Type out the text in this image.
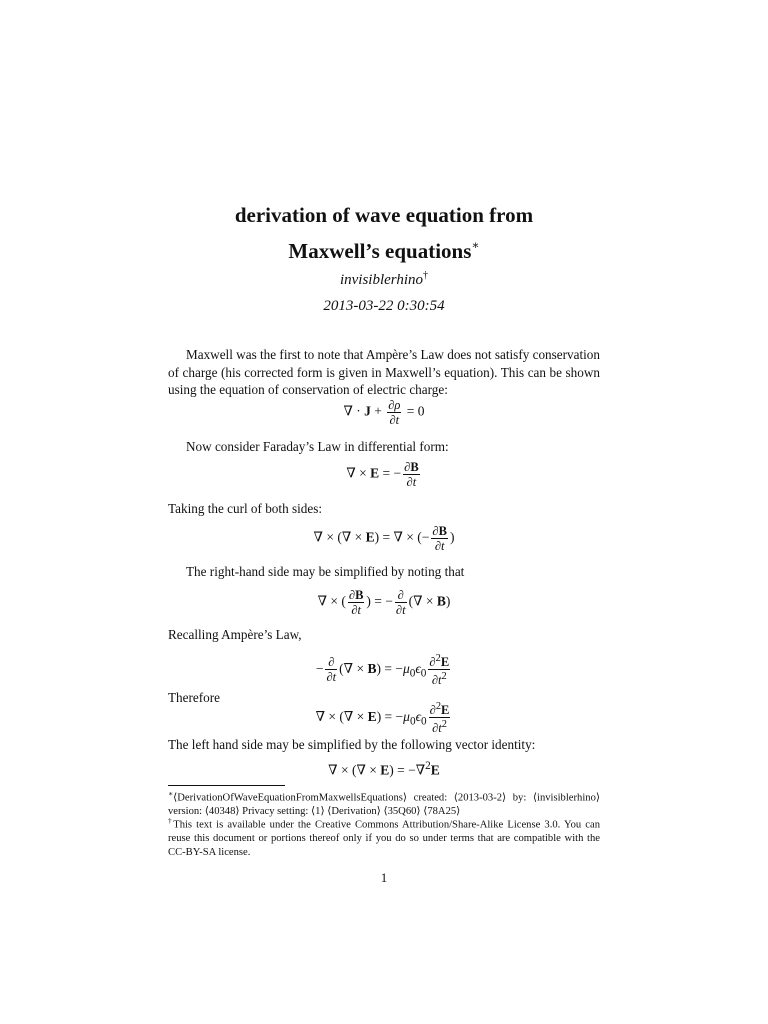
derivation of wave equation from
Maxwell’s equations∗
invisiblerhino†
2013-03-22 0:30:54
Maxwell was the first to note that Ampère’s Law does not satisfy conservation of charge (his corrected form is given in Maxwell’s equation). This can be shown using the equation of conservation of electric charge:
∇ · $J + \frac{\partial\rho}{\partial t} = 0$
Now consider Faraday’s Law in differential form:
∇ × E = − $\frac{\partial B}{\partial t}$
Taking the curl of both sides:
∇ × (∇ × E) = ∇ × (− $\frac{\partial B}{\partial t}$ )
The right-hand side may be simplified by noting that
∇ × ( $\frac{\partial B}{\partial t}$ ) = − $\frac{\partial}{\partial t}$ (∇ × B)
Recalling Ampère’s Law,
− $\frac{\partial}{\partial t}$ (∇ × $B) = -\mu_0\epsilon_0 \frac{\partial^2E}{\partial t^2}$
Therefore
∇ × (∇ × $E) = -\mu_0\epsilon_0 \frac{\partial^2E}{\partial t^2}$
The left hand side may be simplified by the following vector identity:
∇ × (∇ × E) = −∇$^2$E
∗⟨DerivationOfWaveEquationFromMaxwellsEquations⟩ created: ⟨2013-03-2⟩ by: ⟨invisiblerhino⟩ version: ⟨40348⟩ Privacy setting: ⟨1⟩ ⟨Derivation⟩ ⟨35Q60⟩ ⟨78A25⟩
†This text is available under the Creative Commons Attribution/Share-Alike License 3.0. You can reuse this document or portions thereof only if you do so under terms that are compatible with the CC-BY-SA license.
1
